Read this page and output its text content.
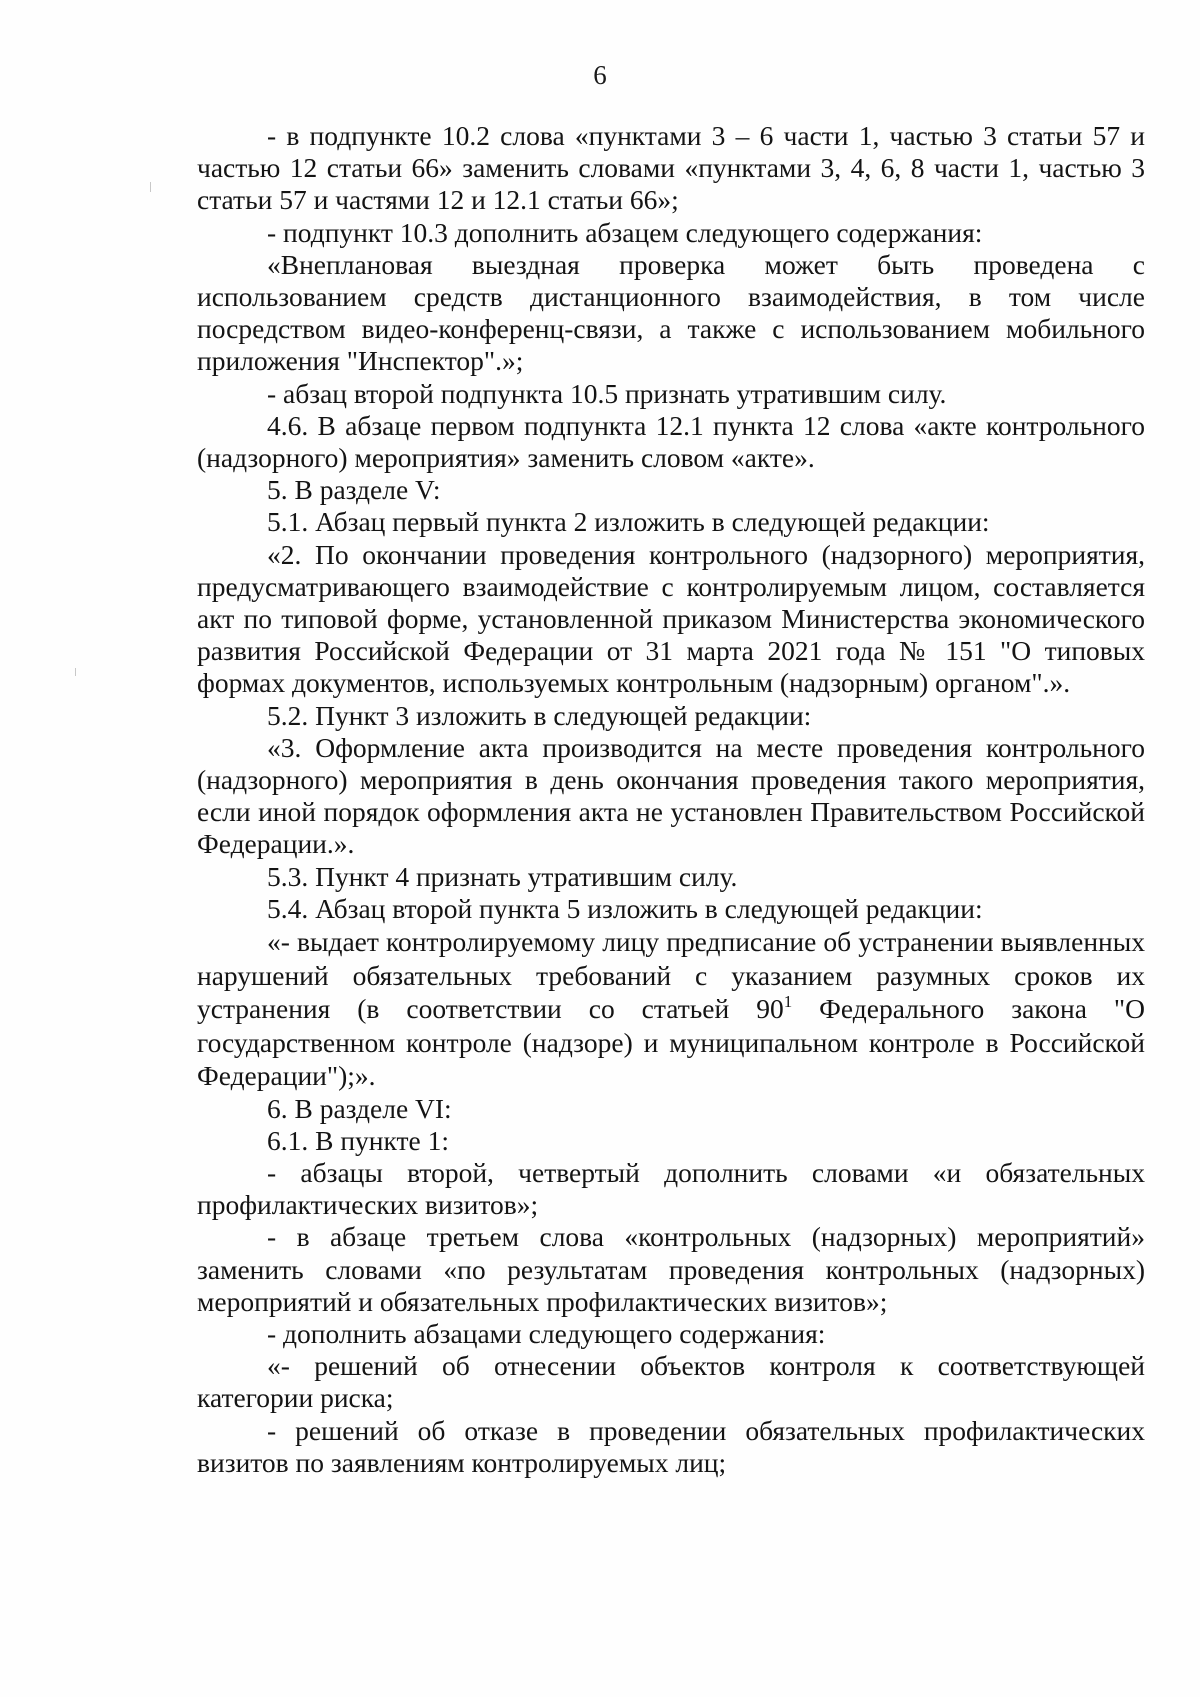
6

- в подпункте 10.2 слова «пунктами 3 – 6 части 1, частью 3 статьи 57 и частью 12 статьи 66» заменить словами «пунктами 3, 4, 6, 8 части 1, частью 3 статьи 57 и частями 12 и 12.1 статьи 66»;

- подпункт 10.3 дополнить абзацем следующего содержания:

«Внеплановая выездная проверка может быть проведена с использованием средств дистанционного взаимодействия, в том числе посредством видео-конференц-связи, а также с использованием мобильного приложения "Инспектор".»;

- абзац второй подпункта 10.5 признать утратившим силу.

4.6. В абзаце первом подпункта 12.1 пункта 12 слова «акте контрольного (надзорного) мероприятия» заменить словом «акте».

5. В разделе V:

5.1. Абзац первый пункта 2 изложить в следующей редакции:

«2. По окончании проведения контрольного (надзорного) мероприятия, предусматривающего взаимодействие с контролируемым лицом, составляется акт по типовой форме, установленной приказом Министерства экономического развития Российской Федерации от 31 марта 2021 года № 151 "О типовых формах документов, используемых контрольным (надзорным) органом".».

5.2. Пункт 3 изложить в следующей редакции:

«3. Оформление акта производится на месте проведения контрольного (надзорного) мероприятия в день окончания проведения такого мероприятия, если иной порядок оформления акта не установлен Правительством Российской Федерации.».

5.3. Пункт 4 признать утратившим силу.

5.4. Абзац второй пункта 5 изложить в следующей редакции:

«- выдает контролируемому лицу предписание об устранении выявленных нарушений обязательных требований с указанием разумных сроков их устранения (в соответствии со статьей $90^1$ Федерального закона "О государственном контроле (надзоре) и муниципальном контроле в Российской Федерации");».

6. В разделе VI:

6.1. В пункте 1:

- абзацы второй, четвертый дополнить словами «и обязательных профилактических визитов»;

- в абзаце третьем слова «контрольных (надзорных) мероприятий» заменить словами «по результатам проведения контрольных (надзорных) мероприятий и обязательных профилактических визитов»;

- дополнить абзацами следующего содержания:

«- решений об отнесении объектов контроля к соответствующей категории риска;

- решений об отказе в проведении обязательных профилактических визитов по заявлениям контролируемых лиц;
